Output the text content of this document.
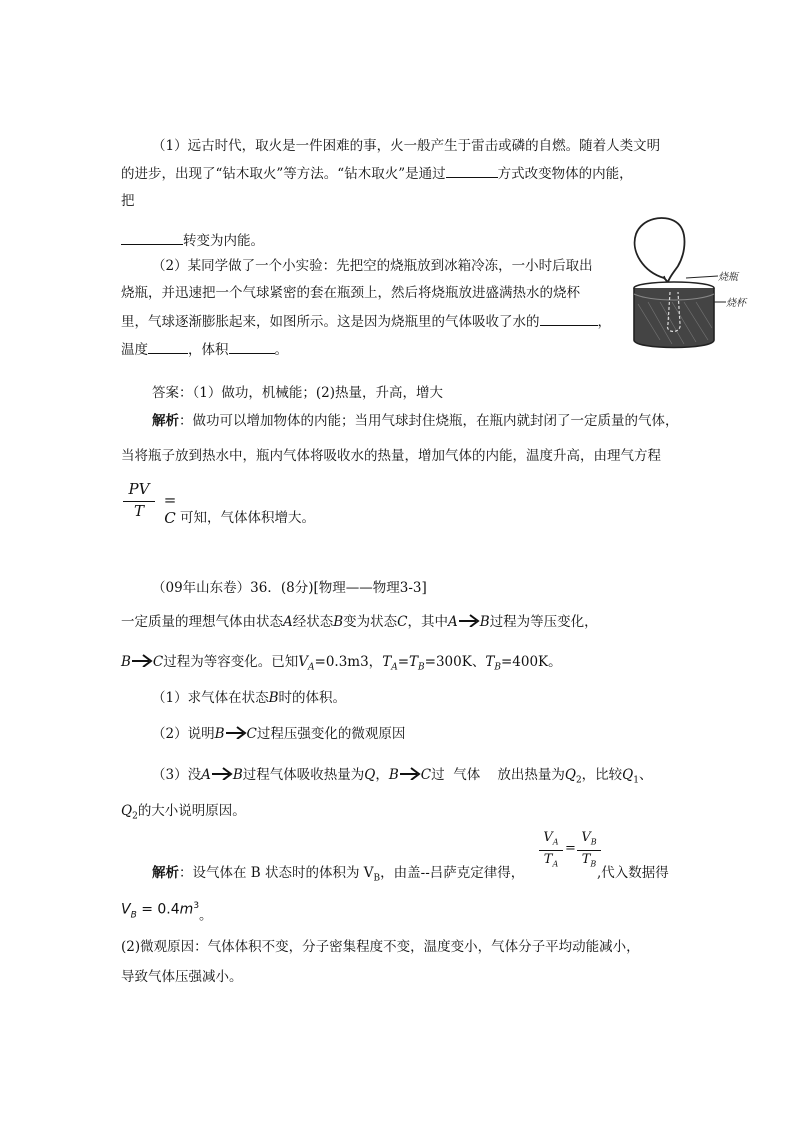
（1）远古时代，取火是一件困难的事，火一般产生于雷击或磷的自燃。随着人类文明
的进步，出现了“钻木取火”等方法。“钻木取火”是通过	方式改变物体的内能，
把
转变为内能。
（2）某同学做了一个小实验：先把空的烧瓶放到冰箱冷冻，一小时后取出
烧瓶，并迅速把一个气球紧密的套在瓶颈上，然后将烧瓶放进盛满热水的烧杯
里，气球逐渐膨胀起来，如图所示。这是因为烧瓶里的气体吸收了水的	，
温度	，体积	。
烧瓶
烧杯
答案：（1）做功，机械能；(2)热量，升高，增大
解析：做功可以增加物体的内能；当用气球封住烧瓶，在瓶内就封闭了一定质量的气体，
当将瓶子放到热水中，瓶内气体将吸收水的热量，增加气体的内能，温度升高，由理气方程
PV
T
= C 可知，气体体积增大。
（09年山东卷）36．(8分)[物理——物理3-3]
一定质量的理想气体由状态A经状态B变为状态C，其中A B过程为等压变化，
B C过程为等容变化。已知$V_A=0.3m3$，$T_A=T_B=300K$、$T_B=400K$。
（1）求气体在状态B时的体积。
（2）说明B C过程压强变化的微观原因
（3）没A B过程气体吸收热量为Q，B C过  气体    放出热量为$Q_2$，比较$Q_1$、
$Q_2$的大小说明原因。
解析：设气体在 B 状态时的体积为 $V_B$，由盖--吕萨克定律得，
$V_A$
$T_A$
=
$V_B$
$T_B$
,代入数据得
$V_B = 0.4m^3$。
(2)微观原因：气体体积不变，分子密集程度不变，温度变小，气体分子平均动能减小，
导致气体压强减小。
